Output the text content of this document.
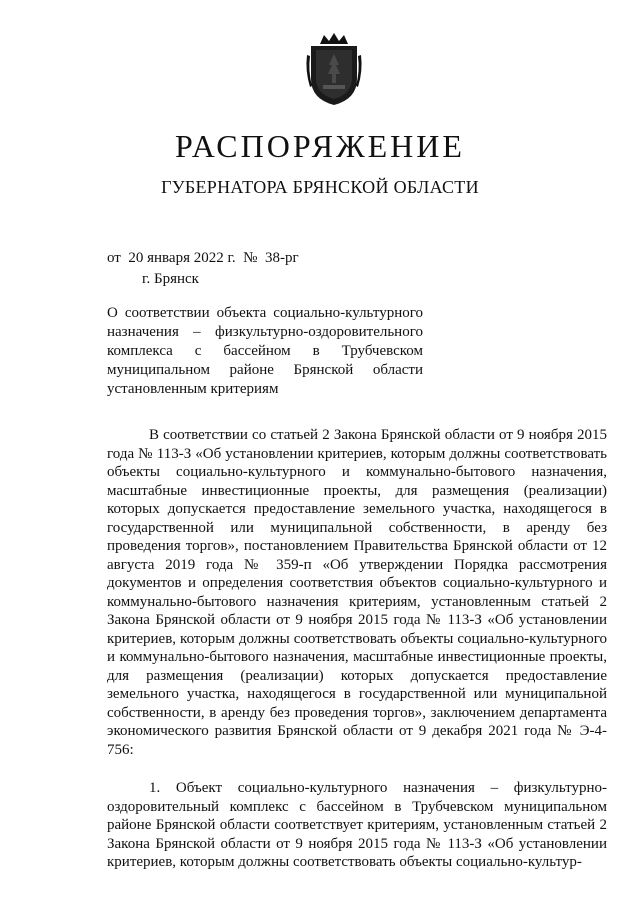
РАСПОРЯЖЕНИЕ
ГУБЕРНАТОРА БРЯНСКОЙ ОБЛАСТИ
от  20 января 2022 г.  №  38-рг
г. Брянск
О соответствии объекта социально-культурного назначения – физкультурно-оздоровительного комплекса с бассейном в Трубчевском муниципальном районе Брянской области установленным критериям

В соответствии со статьей 2 Закона Брянской области от 9 ноября 2015 года № 113-З «Об установлении критериев, которым должны соответствовать объекты социально-культурного и коммунально-бытового назначения, масштабные инвестиционные проекты, для размещения (реализации) которых допускается предоставление земельного участка, находящегося в государственной или муниципальной собственности, в аренду без проведения торгов», постановлением Правительства Брянской области от 12 августа 2019 года № 359-п «Об утверждении Порядка рассмотрения документов и определения соответствия объектов социально-культурного и коммунально-бытового назначения критериям, установленным статьей 2 Закона Брянской области от 9 ноября 2015 года № 113-З «Об установлении критериев, которым должны соответствовать объекты социально-культурного и коммунально-бытового назначения, масштабные инвестиционные проекты, для размещения (реализации) которых допускается предоставление земельного участка, находящегося в государственной или муниципальной собственности, в аренду без проведения торгов», заключением департамента экономического развития Брянской области от 9 декабря 2021 года № Э-4-756:

1. Объект социально-культурного назначения – физкультурно-оздоровительный комплекс с бассейном в Трубчевском муниципальном районе Брянской области соответствует критериям, установленным статьей 2 Закона Брянской области от 9 ноября 2015 года № 113-З «Об установлении критериев, которым должны соответствовать объекты социально-культур-
